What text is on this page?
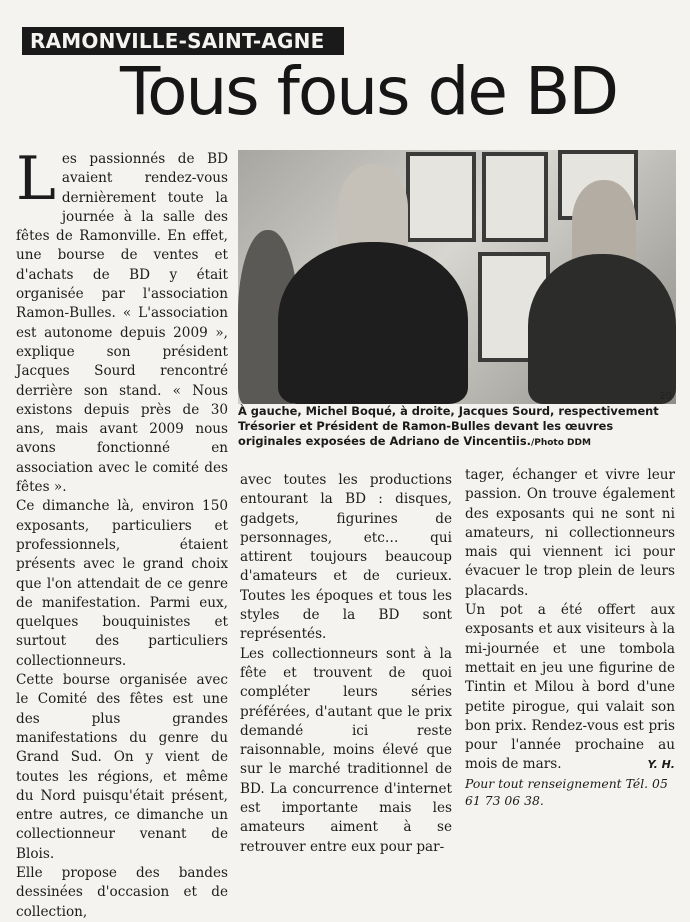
RAMONVILLE-SAINT-AGNE
Tous fous de BD
L es passionnés de BD avaient rendez-vous dernièrement toute la journée à la salle des fêtes de Ramonville. En effet, une bourse de ventes et d'achats de BD y était organisée par l'association Ramon-Bulles. « L'association est autonome depuis 2009 », explique son président Jacques Sourd rencontré derrière son stand. « Nous existons depuis près de 30 ans, mais avant 2009 nous avons fonctionné en association avec le comité des fêtes ».

Ce dimanche là, environ 150 exposants, particuliers et professionnels, étaient présents avec le grand choix que l'on attendait de ce genre de manifestation. Parmi eux, quelques bouquinistes et surtout des particuliers collectionneurs.

Cette bourse organisée avec le Comité des fêtes est une des plus grandes manifestations du genre du Grand Sud. On y vient de toutes les régions, et même du Nord puisqu'était présent, entre autres, ce dimanche un collectionneur venant de Blois.

Elle propose des bandes dessinées d'occasion et de collection,

20
À gauche, Michel Boqué, à droite, Jacques Sourd, respectivement Trésorier et Président de Ramon-Bulles devant les œuvres originales exposées de Adriano de Vincentiis./Photo DDM

avec toutes les productions entourant la BD : disques, gadgets, figurines de personnages, etc… qui attirent toujours beaucoup d'amateurs et de curieux. Toutes les époques et tous les styles de la BD sont représentés.

Les collectionneurs sont à la fête et trouvent de quoi compléter leurs séries préférées, d'autant que le prix demandé ici reste raisonnable, moins élevé que sur le marché traditionnel de BD. La concurrence d'internet est importante mais les amateurs aiment à se retrouver entre eux pour par-

tager, échanger et vivre leur passion. On trouve également des exposants qui ne sont ni amateurs, ni collectionneurs mais qui viennent ici pour évacuer le trop plein de leurs placards.

Un pot a été offert aux exposants et aux visiteurs à la mi-journée et une tombola mettait en jeu une figurine de Tintin et Milou à bord d'une petite pirogue, qui valait son bon prix. Rendez-vous est pris pour l'année prochaine au mois de mars.	Y. H.

Pour tout renseignement Tél. 05 61 73 06 38.
